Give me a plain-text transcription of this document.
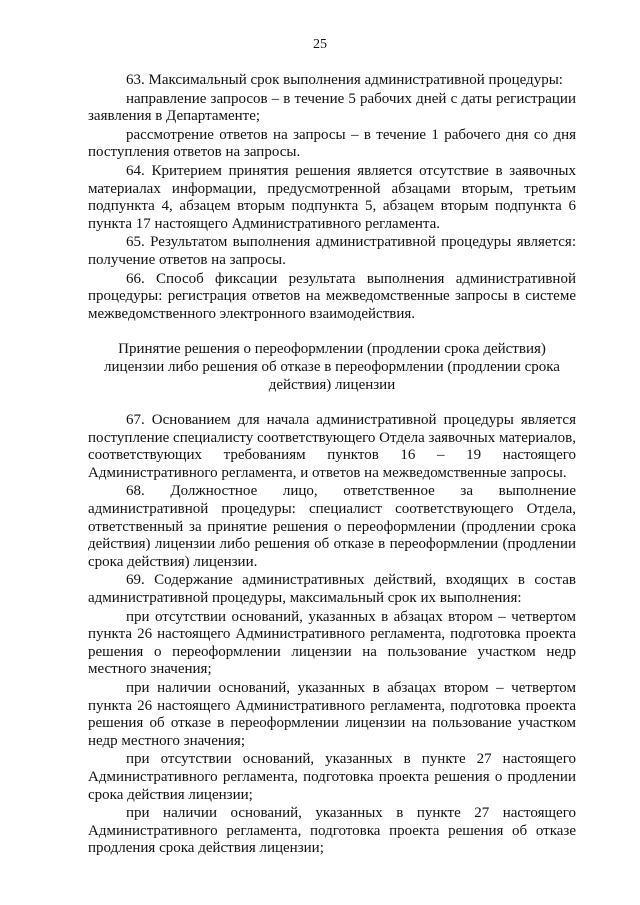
25

63. Максимальный срок выполнения административной процедуры:

направление запросов – в течение 5 рабочих дней с даты регистрации заявления в Департаменте;

рассмотрение ответов на запросы – в течение 1 рабочего дня со дня поступления ответов на запросы.

64. Критерием принятия решения является отсутствие в заявочных материалах информации, предусмотренной абзацами вторым, третьим подпункта 4, абзацем вторым подпункта 5, абзацем вторым подпункта 6 пункта 17 настоящего Административного регламента.

65. Результатом выполнения административной процедуры является: получение ответов на запросы.

66. Способ фиксации результата выполнения административной процедуры: регистрация ответов на межведомственные запросы в системе межведомственного электронного взаимодействия.

Принятие решения о переоформлении (продлении срока действия) лицензии либо решения об отказе в переоформлении (продлении срока действия) лицензии

67. Основанием для начала административной процедуры является поступление специалисту соответствующего Отдела заявочных материалов, соответствующих требованиям пунктов 16 – 19 настоящего Административного регламента, и ответов на межведомственные запросы.

68. Должностное лицо, ответственное за выполнение административной процедуры: специалист соответствующего Отдела, ответственный за принятие решения о переоформлении (продлении срока действия) лицензии либо решения об отказе в переоформлении (продлении срока действия) лицензии.

69. Содержание административных действий, входящих в состав административной процедуры, максимальный срок их выполнения:

при отсутствии оснований, указанных в абзацах втором – четвертом пункта 26 настоящего Административного регламента, подготовка проекта решения о переоформлении лицензии на пользование участком недр местного значения;

при наличии оснований, указанных в абзацах втором – четвертом пункта 26 настоящего Административного регламента, подготовка проекта решения об отказе в переоформлении лицензии на пользование участком недр местного значения;

при отсутствии оснований, указанных в пункте 27 настоящего Административного регламента, подготовка проекта решения о продлении срока действия лицензии;

при наличии оснований, указанных в пункте 27 настоящего Административного регламента, подготовка проекта решения об отказе продления срока действия лицензии;
